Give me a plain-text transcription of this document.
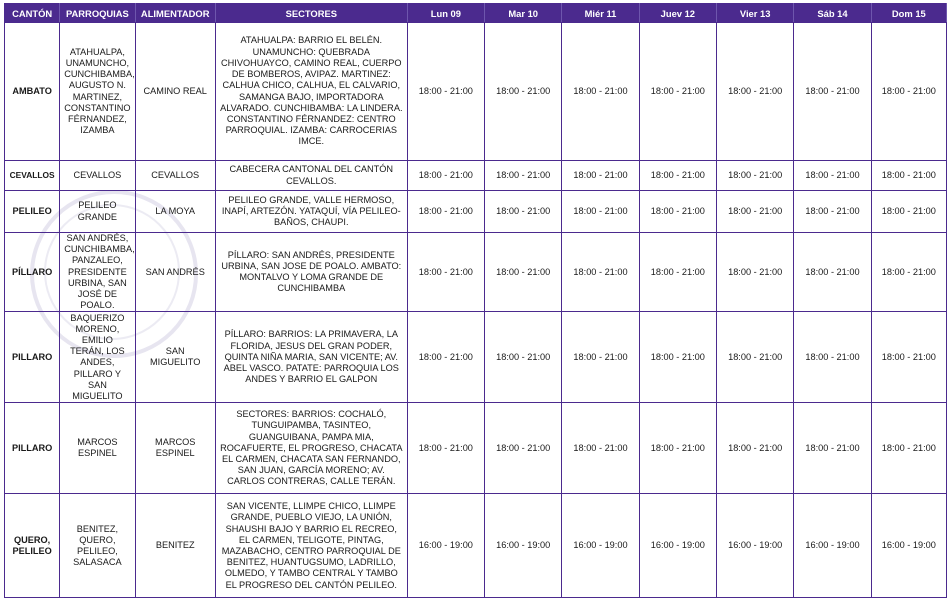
CANTÓN	PARROQUIAS	ALIMENTADOR	SECTORES	Lun 09	Mar 10	Miér 11	Juev 12	Vier 13	Sáb 14	Dom 15
AMBATO	ATAHUALPA, UNAMUNCHO, CUNCHIBAMBA, AUGUSTO N. MARTINEZ, CONSTANTINO FÉRNANDEZ, IZAMBA	CAMINO REAL	ATAHUALPA: BARRIO EL BELÉN. UNAMUNCHO: QUEBRADA CHIVOHUAYCO, CAMINO REAL, CUERPO DE BOMBEROS, AVIPAZ. MARTINEZ: CALHUA CHICO, CALHUA, EL CALVARIO, SAMANGA BAJO, IMPORTADORA ALVARADO. CUNCHIBAMBA: LA LINDERA. CONSTANTINO FÉRNANDEZ: CENTRO PARROQUIAL. IZAMBA: CARROCERIAS IMCE.	18:00 - 21:00	18:00 - 21:00	18:00 - 21:00	18:00 - 21:00	18:00 - 21:00	18:00 - 21:00	18:00 - 21:00
CEVALLOS	CEVALLOS	CEVALLOS	CABECERA CANTONAL DEL CANTÓN CEVALLOS.	18:00 - 21:00	18:00 - 21:00	18:00 - 21:00	18:00 - 21:00	18:00 - 21:00	18:00 - 21:00	18:00 - 21:00
PELILEO	PELILEO GRANDE	LA MOYA	PELILEO GRANDE, VALLE HERMOSO, INAPÍ, ARTEZÓN. YATAQUÍ, VÍA PELILEO-BAÑOS, CHAUPI.	18:00 - 21:00	18:00 - 21:00	18:00 - 21:00	18:00 - 21:00	18:00 - 21:00	18:00 - 21:00	18:00 - 21:00
PÍLLARO	SAN ANDRÉS, CUNCHIBAMBA, PANZALEO, PRESIDENTE URBINA, SAN JOSÉ DE POALO.	SAN ANDRÉS	PÍLLARO: SAN ANDRÉS, PRESIDENTE URBINA, SAN JOSE DE POALO. AMBATO: MONTALVO Y LOMA GRANDE DE CUNCHIBAMBA	18:00 - 21:00	18:00 - 21:00	18:00 - 21:00	18:00 - 21:00	18:00 - 21:00	18:00 - 21:00	18:00 - 21:00
PILLARO	BAQUERIZO MORENO, EMILIO TERÁN, LOS ANDES, PILLARO Y SAN MIGUELITO	SAN MIGUELITO	PÍLLARO: BARRIOS: LA PRIMAVERA, LA FLORIDA, JESUS DEL GRAN PODER, QUINTA NIÑA MARIA, SAN VICENTE; AV. ABEL VASCO. PATATE: PARROQUIA LOS ANDES Y BARRIO EL GALPON	18:00 - 21:00	18:00 - 21:00	18:00 - 21:00	18:00 - 21:00	18:00 - 21:00	18:00 - 21:00	18:00 - 21:00
PILLARO	MARCOS ESPINEL	MARCOS ESPINEL	SECTORES: BARRIOS: COCHALÓ, TUNGUIPAMBA, TASINTEO, GUANGUIBANA, PAMPA MIA, ROCAFUERTE, EL PROGRESO, CHACATA EL CARMEN, CHACATA SAN FERNANDO, SAN JUAN, GARCÍA MORENO; AV. CARLOS CONTRERAS, CALLE TERÁN.	18:00 - 21:00	18:00 - 21:00	18:00 - 21:00	18:00 - 21:00	18:00 - 21:00	18:00 - 21:00	18:00 - 21:00
QUERO, PELILEO	BENITEZ, QUERO, PELILEO, SALASACA	BENITEZ	SAN VICENTE, LLIMPE CHICO, LLIMPE GRANDE, PUEBLO VIEJO, LA UNIÓN, SHAUSHI BAJO Y BARRIO EL RECREO, EL CARMEN, TELIGOTE, PINTAG, MAZABACHO, CENTRO PARROQUIAL DE BENITEZ, HUANTUGSUMO, LADRILLO, OLMEDO, Y TAMBO CENTRAL Y TAMBO EL PROGRESO DEL CANTÓN PELILEO.	16:00 - 19:00	16:00 - 19:00	16:00 - 19:00	16:00 - 19:00	16:00 - 19:00	16:00 - 19:00	16:00 - 19:00
